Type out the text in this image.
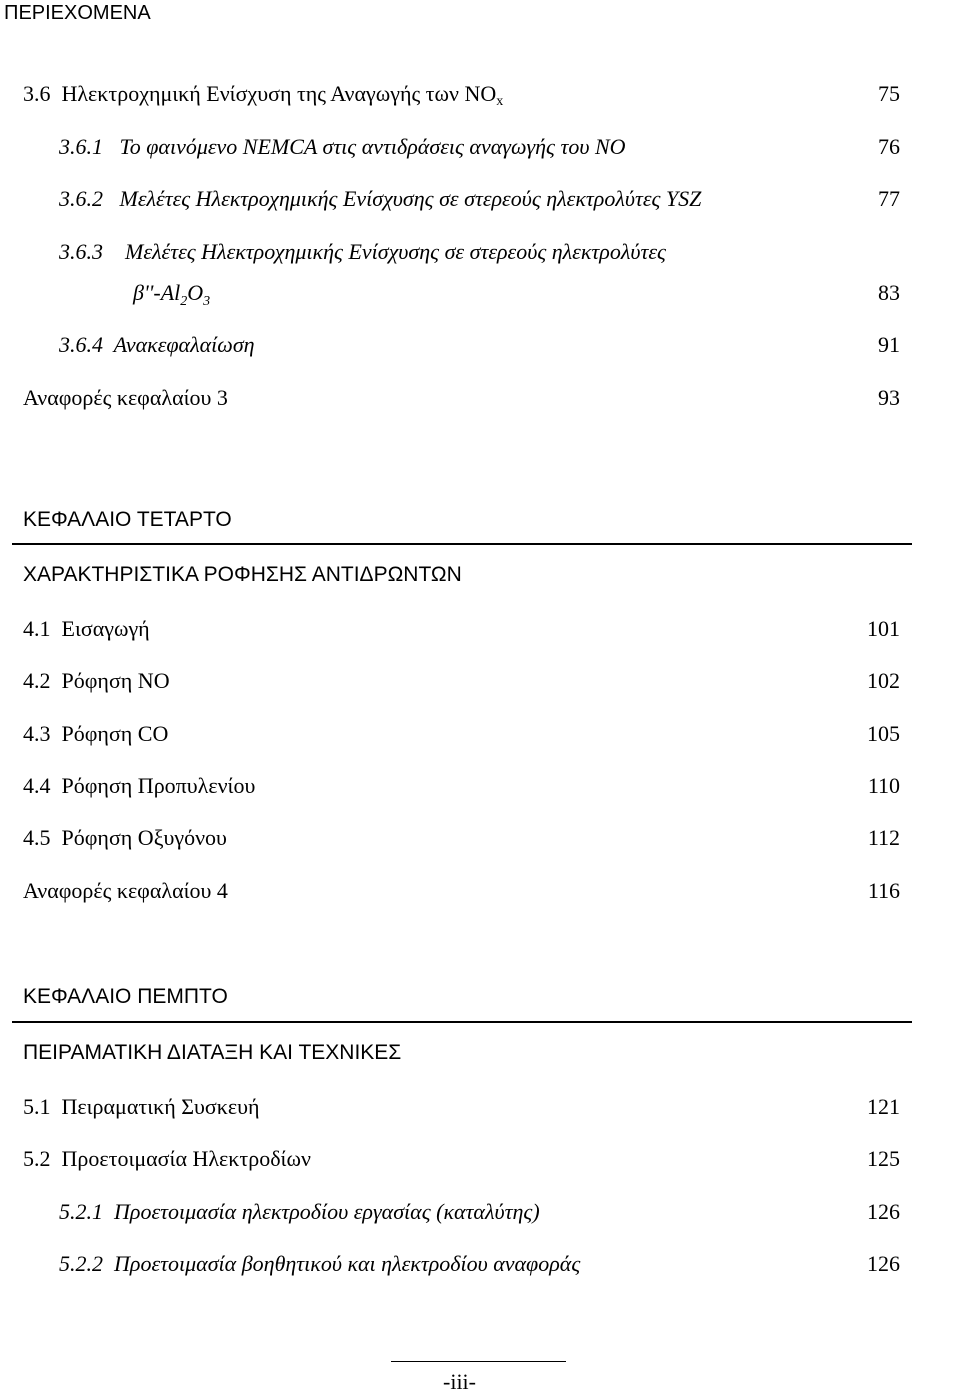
ΠΕΡΙΕΧΟΜΕΝΑ
3.6 Ηλεκτροχημική Ενίσχυση της Αναγωγής των $NO_x$	75
3.6.1 Το φαινόμενο NEMCA στις αντιδράσεις αναγωγής του NO	76
3.6.2 Μελέτες Ηλεκτροχημικής Ενίσχυσης σε στερεούς ηλεκτρολύτες YSZ	77
3.6.3 Μελέτες Ηλεκτροχημικής Ενίσχυσης σε στερεούς ηλεκτρολύτες
$\beta''-Al_2O_3$	83
3.6.4 Ανακεφαλαίωση	91
Αναφορές κεφαλαίου 3	93
ΚΕΦΑΛΑΙΟ ΤΕΤΑΡΤΟ
ΧΑΡΑΚΤΗΡΙΣΤΙΚΑ ΡΟΦΗΣΗΣ ΑΝΤΙΔΡΩΝΤΩΝ
4.1 Εισαγωγή	101
4.2 Ρόφηση NO	102
4.3 Ρόφηση CO	105
4.4 Ρόφηση Προπυλενίου	110
4.5 Ρόφηση Οξυγόνου	112
Αναφορές κεφαλαίου 4	116
ΚΕΦΑΛΑΙΟ ΠΕΜΠΤΟ
ΠΕΙΡΑΜΑΤΙΚΗ ΔΙΑΤΑΞΗ ΚΑΙ ΤΕΧΝΙΚΕΣ
5.1 Πειραματική Συσκευή	121
5.2 Προετοιμασία Ηλεκτροδίων	125
5.2.1 Προετοιμασία ηλεκτροδίου εργασίας (καταλύτης)	126
5.2.2 Προετοιμασία βοηθητικού και ηλεκτροδίου αναφοράς	126
-iii-
